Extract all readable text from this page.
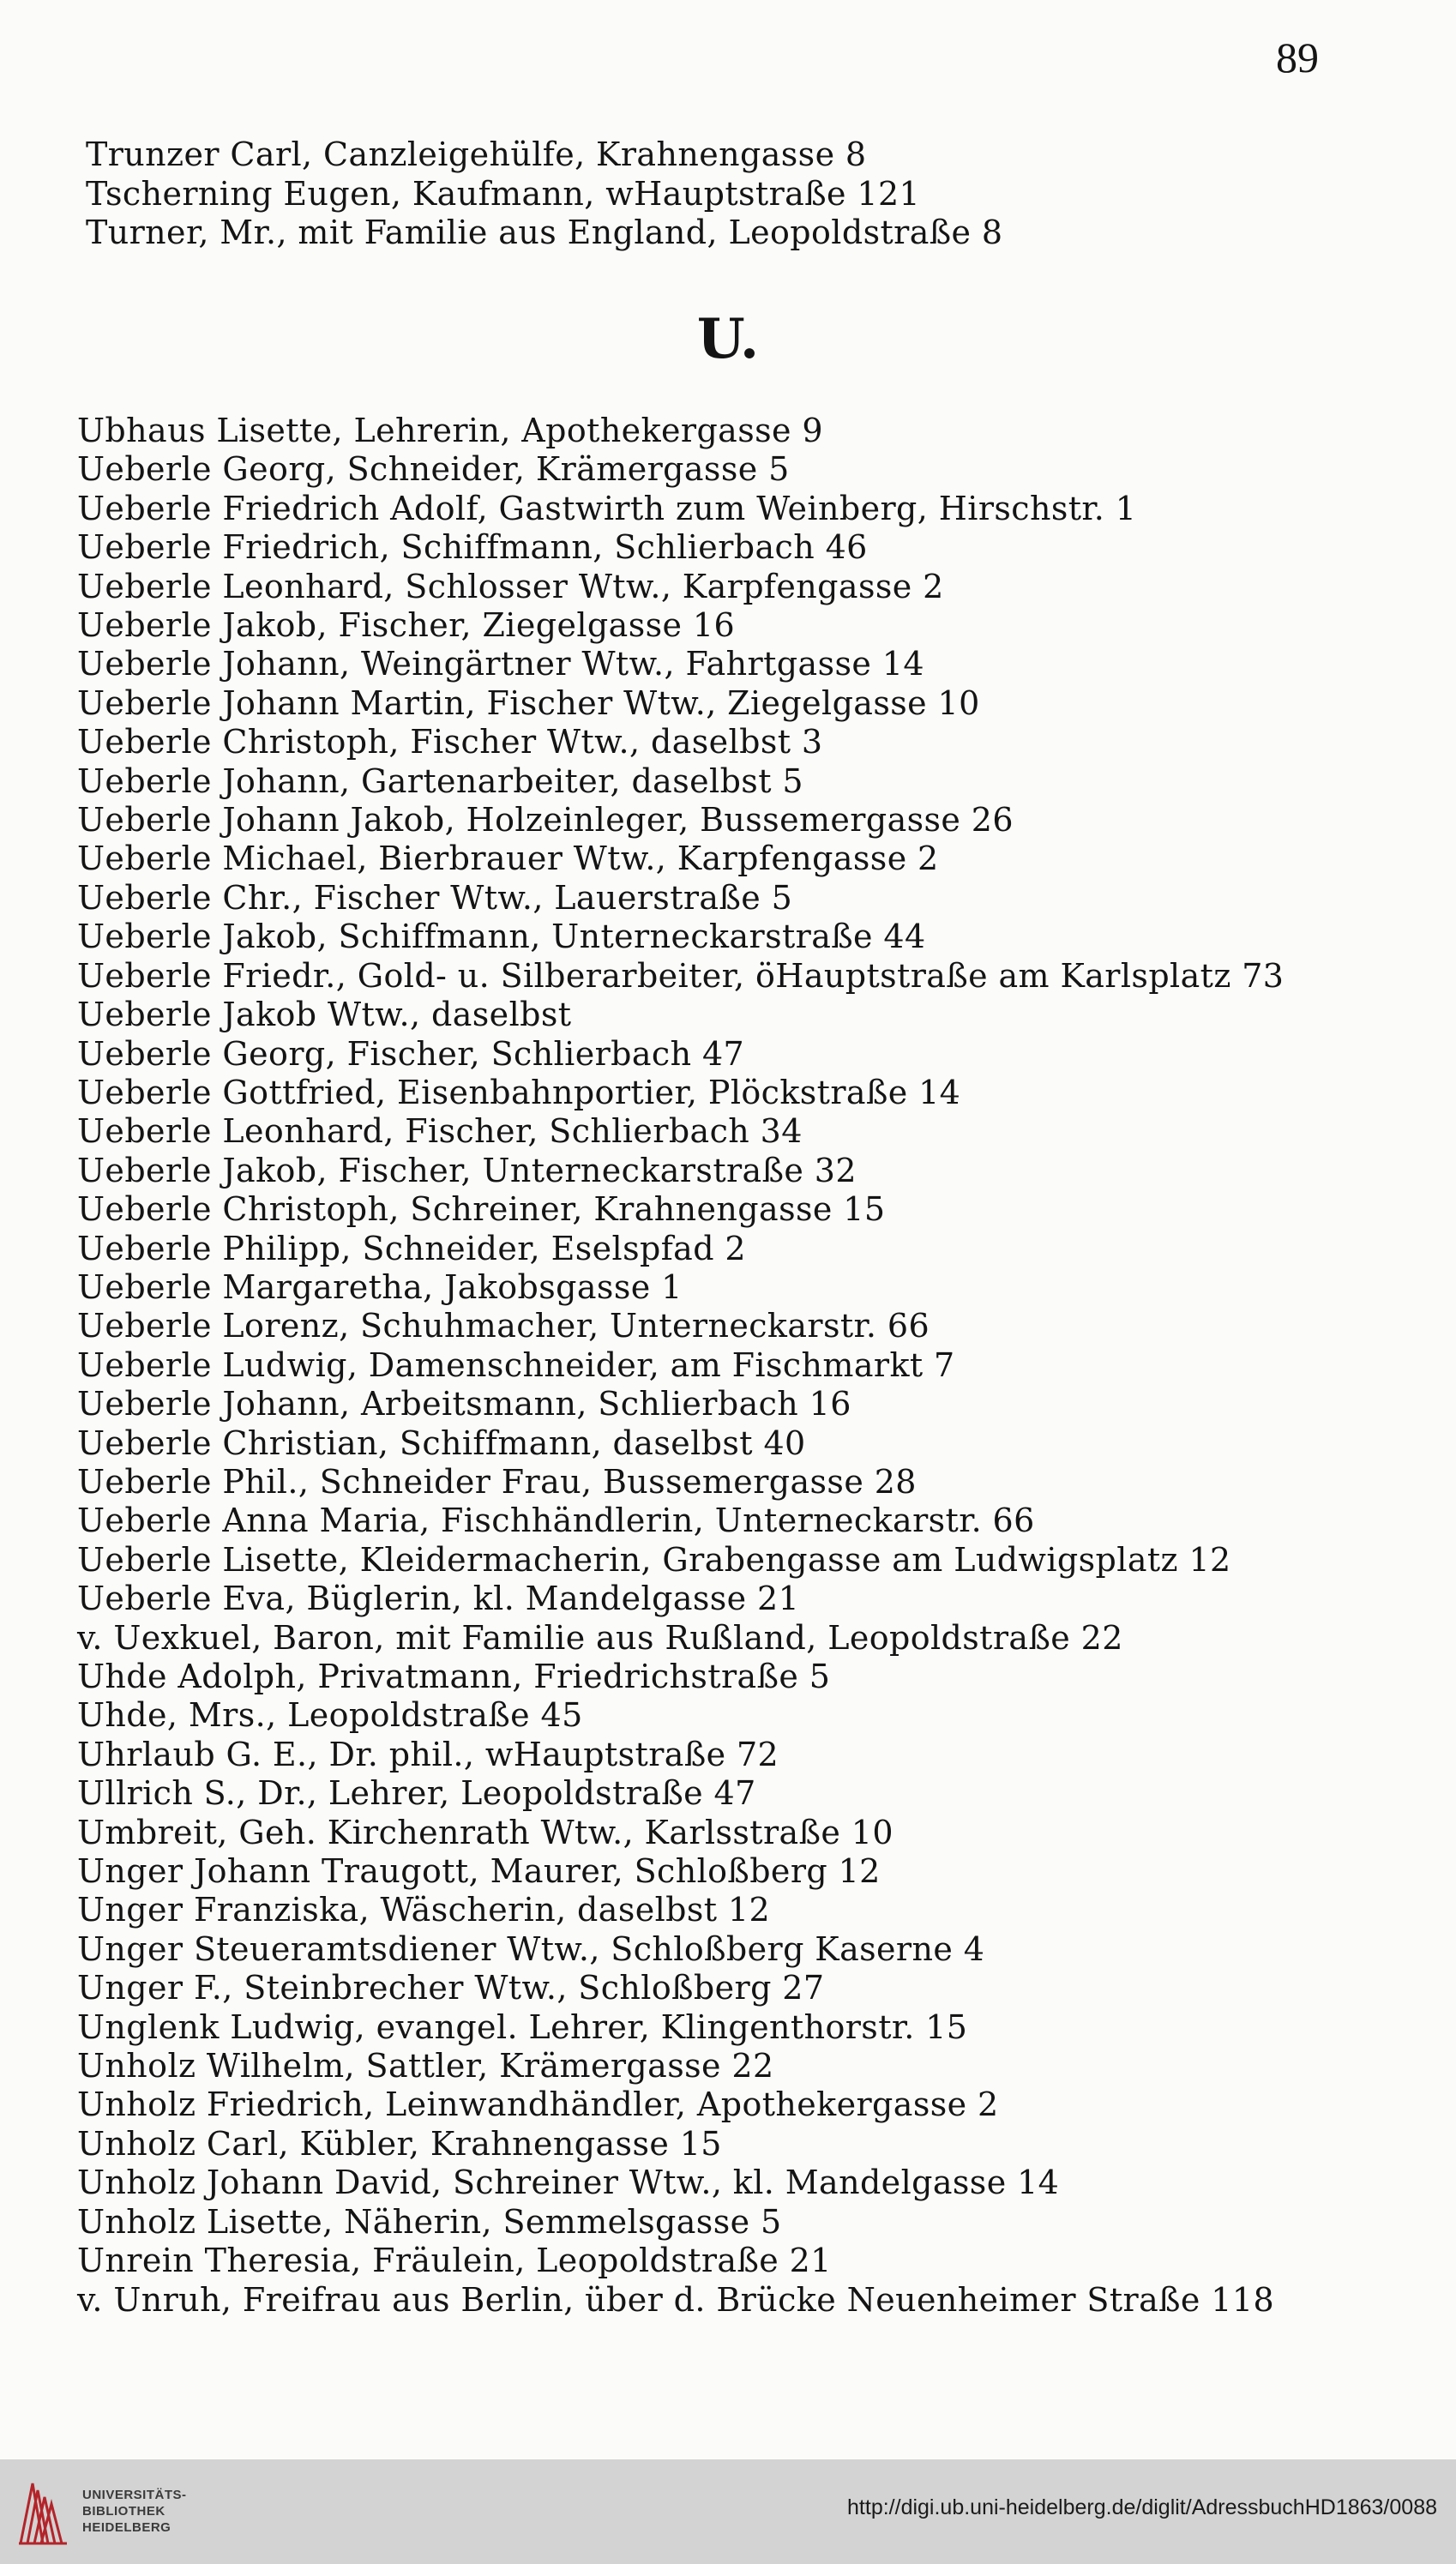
89
Trunzer Carl, Canzleigehülfe, Krahnengasse 8
Tscherning Eugen, Kaufmann, wHauptstraße 121
Turner, Mr., mit Familie aus England, Leopoldstraße 8
U.
Ubhaus Lisette, Lehrerin, Apothekergasse 9
Ueberle Georg, Schneider, Krämergasse 5
Ueberle Friedrich Adolf, Gastwirth zum Weinberg, Hirschstr. 1
Ueberle Friedrich, Schiffmann, Schlierbach 46
Ueberle Leonhard, Schlosser Wtw., Karpfengasse 2
Ueberle Jakob, Fischer, Ziegelgasse 16
Ueberle Johann, Weingärtner Wtw., Fahrtgasse 14
Ueberle Johann Martin, Fischer Wtw., Ziegelgasse 10
Ueberle Christoph, Fischer Wtw., daselbst 3
Ueberle Johann, Gartenarbeiter, daselbst 5
Ueberle Johann Jakob, Holzeinleger, Bussemergasse 26
Ueberle Michael, Bierbrauer Wtw., Karpfengasse 2
Ueberle Chr., Fischer Wtw., Lauerstraße 5
Ueberle Jakob, Schiffmann, Unterneckarstraße 44
Ueberle Friedr., Gold- u. Silberarbeiter, öHauptstraße am Karlsplatz 73
Ueberle Jakob Wtw., daselbst
Ueberle Georg, Fischer, Schlierbach 47
Ueberle Gottfried, Eisenbahnportier, Plöckstraße 14
Ueberle Leonhard, Fischer, Schlierbach 34
Ueberle Jakob, Fischer, Unterneckarstraße 32
Ueberle Christoph, Schreiner, Krahnengasse 15
Ueberle Philipp, Schneider, Eselspfad 2
Ueberle Margaretha, Jakobsgasse 1
Ueberle Lorenz, Schuhmacher, Unterneckarstr. 66
Ueberle Ludwig, Damenschneider, am Fischmarkt 7
Ueberle Johann, Arbeitsmann, Schlierbach 16
Ueberle Christian, Schiffmann, daselbst 40
Ueberle Phil., Schneider Frau, Bussemergasse 28
Ueberle Anna Maria, Fischhändlerin, Unterneckarstr. 66
Ueberle Lisette, Kleidermacherin, Grabengasse am Ludwigsplatz 12
Ueberle Eva, Büglerin, kl. Mandelgasse 21
v. Uexkuel, Baron, mit Familie aus Rußland, Leopoldstraße 22
Uhde Adolph, Privatmann, Friedrichstraße 5
Uhde, Mrs., Leopoldstraße 45
Uhrlaub G. E., Dr. phil., wHauptstraße 72
Ullrich S., Dr., Lehrer, Leopoldstraße 47
Umbreit, Geh. Kirchenrath Wtw., Karlsstraße 10
Unger Johann Traugott, Maurer, Schloßberg 12
Unger Franziska, Wäscherin, daselbst 12
Unger Steueramtsdiener Wtw., Schloßberg Kaserne 4
Unger F., Steinbrecher Wtw., Schloßberg 27
Unglenk Ludwig, evangel. Lehrer, Klingenthorstr. 15
Unholz Wilhelm, Sattler, Krämergasse 22
Unholz Friedrich, Leinwandhändler, Apothekergasse 2
Unholz Carl, Kübler, Krahnengasse 15
Unholz Johann David, Schreiner Wtw., kl. Mandelgasse 14
Unholz Lisette, Näherin, Semmelsgasse 5
Unrein Theresia, Fräulein, Leopoldstraße 21
v. Unruh, Freifrau aus Berlin, über d. Brücke Neuenheimer Straße 118
UNIVERSITÄTS-
BIBLIOTHEK
HEIDELBERG
http://digi.ub.uni-heidelberg.de/diglit/AdressbuchHD1863/0088
